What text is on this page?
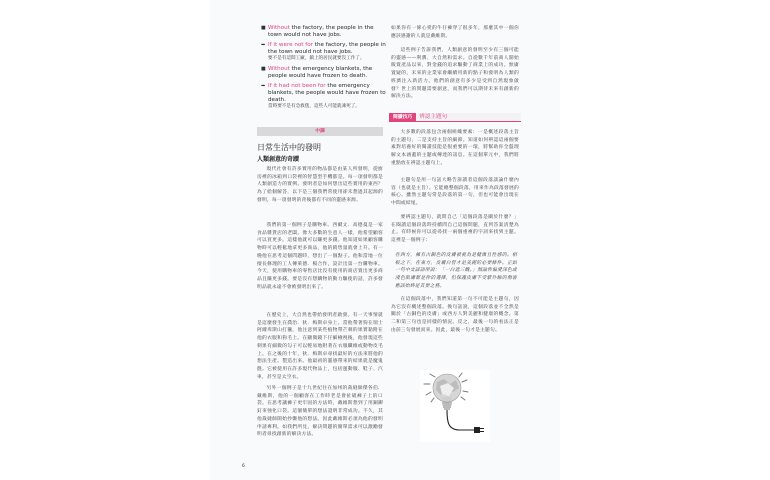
■ Without the factory, the people in the town would not have jobs.
➡ If it were not for the factory, the people in the town would not have jobs.
要不是有這間工廠，鎮上的居民就要沒工作了。
■ Without the emergency blankets, the people would have frozen to death.
➡ If it had not been for the emergency blankets, the people would have frozen to death.
當時要不是有急救毯，這些人可能就凍死了。
中譯
日常生活中的發明
人類創意的奇蹟

現代社會有許多實用的物品都是由某人所發明，從廚房裡的冰箱到口袋裡的智慧型手機都是。每一項發明都是人類創造力的實例。發明者是如何想出這些實用的東西？為了給個解答，以下是三個我們常使用卻未想過其起源的發明，每一項發明的背後都有不同的靈感來源。

我們的第一個例子是購物車。西爾文．高德曼是一家食品雜貨店的老闆。像大多數的生意人一樣，他希望顧客可以買更多。這樣他就可以賺更多錢。他知道如果顧客購物時可以輕鬆地拿更多商品，他的銷售量就會上升。有一晚他在思考這個問題時，想出了一個點子。他和當地一位擅長修理的工人傳萊德．楊合作，設計出第一台購物車。今天，使用購物車的零售店比沒有使用的商店賣出更多商品且賺更多錢。要是沒有想購物的動力驅使的話，許多發明品就永遠不會被發明出來了。

在歷史上，大自然也帶給發明者啟發。有一天事情就是這麼發生在喬治．狄．梅斯卓身上。當他帶著狗在瑞士阿爾卑斯山打獵，他注意到某些植物帶芒刺的果實黏附在他的衣服和狗毛上。在顯微鏡下仔細檢視後，他發現這些刺果有細微的勾子可以輕易地附著在衣服纖維或動物皮毛上。在之後的十年，狄．梅斯卓尋找最好的方法來將他的想法生產。製造出來。他最初的靈感帶來的結果就是魔鬼氈。它被使用在許多現代物品上，包括運動服、鞋子、汽車，甚至是太空衣。

另外一個例子是十九世紀住在加州的裁縫師傑各伯．戴維斯，他的一個顧客在工作時老是會扯破褲子上的口袋。在思考讓褲子更牢固的方法時，戴維斯想到了用銅鉚釘來強化口袋。這個簡單的想法證明非常成功。不久，其他裁縫師開始抄襲他的想法。因此戴維斯必須為他的發明申請專利。如我們所見，解決問題的簡單需求可以激勵發明者尋找創新的解決方法。

如果你有一條心愛的牛仔褲穿了很多年，那麼其中一個你應該感謝的人就是戴維斯。

這些例子告訴我們，人類創意的發明至少有三個可能的靈感——利潤、大自然和需求。自從數千年前商人開始販賣產品以來，對金錢的追求驅動了商業上的成功。無庸置疑的，未來的企業家會繼續用新的點子和發明為人類的經濟注入新活力。他們的創意有多少是受到自然現象啟發？世上的問題需要創意，而我們可以期待未來有創新的解決方法。

閱讀技巧	辨認主題句

大多數的段落包含兩個組織要素：一是概述段落主旨的主題句，二是支持主旨的細節。知道如何辨認這兩個要素對培養好的閱讀技能是很重要的一環，將幫助你全盤理解文本涵蓋的主題或傳達的訊息。在這個單元中，我們將重點放在辨認主題句上。

主題句是用一句話大略告訴讀者這個段落談論什麼內容（也就是主旨）。它能總整個段落，用來作為段落發展的核心。雖然主題句常是段落的第一句，但也可能會出現在中間或結尾。

要辨認主題句，就問自己「這個段落是關於什麼？」在閱讀這個段落時持續問自己這個問題，直到答案清楚為止。有時候你可以從尋找一兩個重複的字詞來找到主題。這裡是一個例子：

在西方，擁有古銅色的皮膚被視為是健康且性感的。相較之下，在東方，皮膚白皙才是美麗的必要條件。正如一句中文諺語所說：「一白遮三醜。」無論你偏愛深色或淺色肌膚都是你的選擇，但保護皮膚不受紫外線的傷害應該始終是首要之務。

在這個段落中，我們知道第一句不可能是主題句，因為它沒有概述整個段落。換句話說，這個段落並不全然是關於「古銅色的皮膚」或西方人對美麗和健康的概念。第二和第三句也是同樣的情況。反之，最後一句的看法正是由前三句發展而來。因此，最後一句才是主題句。

6
